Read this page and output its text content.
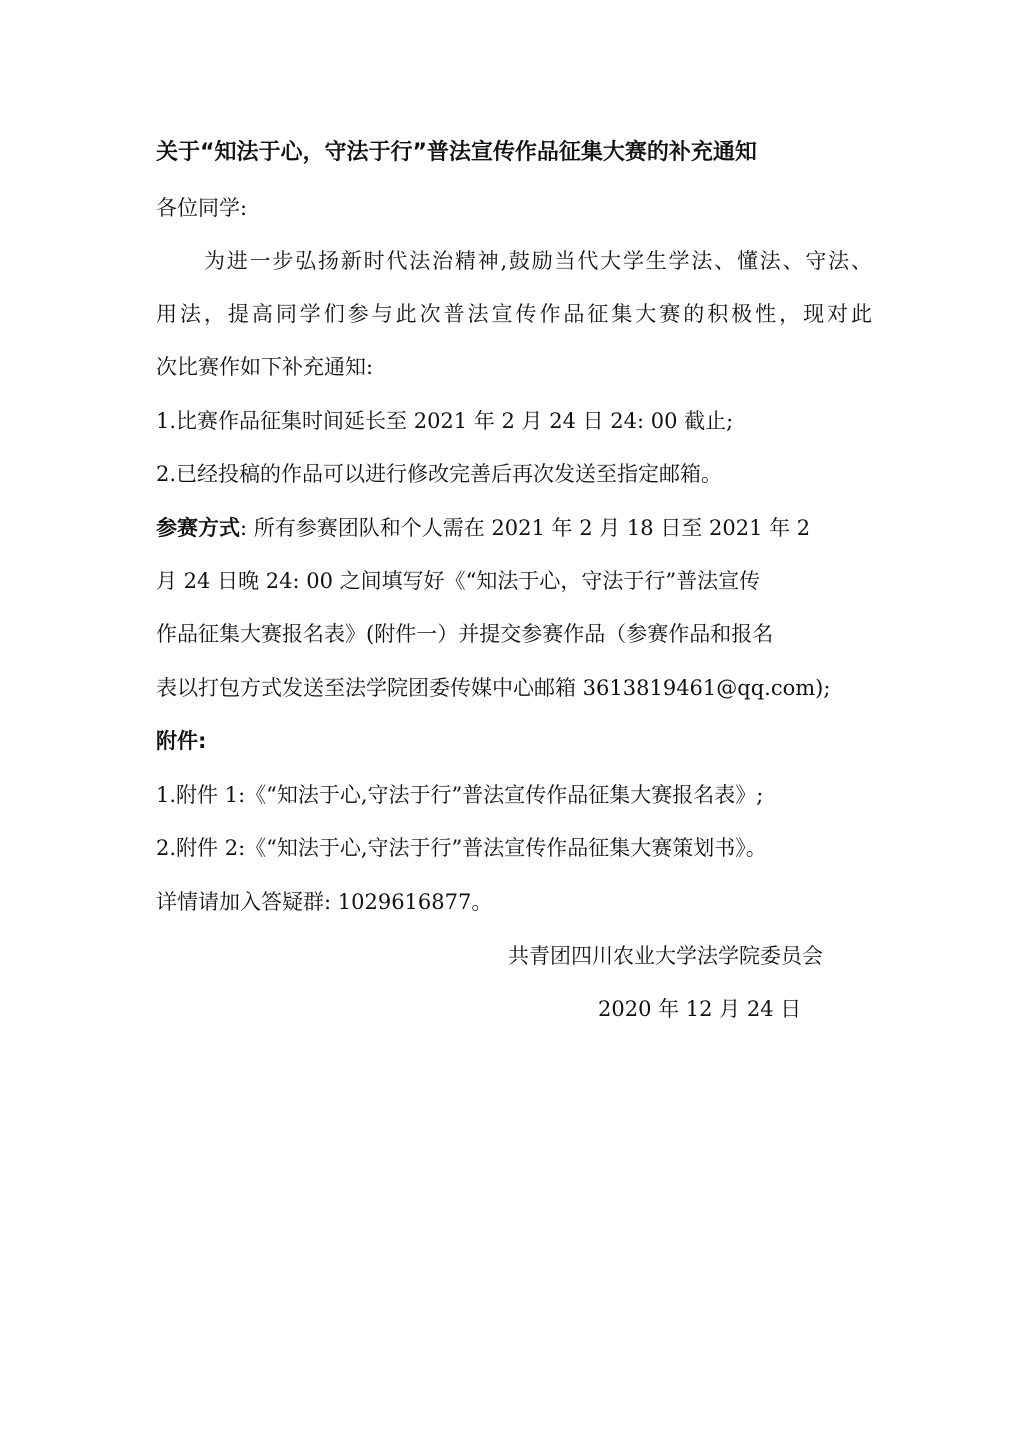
关于“知法于心，守法于行”普法宣传作品征集大赛的补充通知
各位同学:
为进一步弘扬新时代法治精神,鼓励当代大学生学法、懂法、守法、
用法，提高同学们参与此次普法宣传作品征集大赛的积极性，现对此
次比赛作如下补充通知:
1.比赛作品征集时间延长至 2021 年 2 月 24 日 24: 00 截止;
2.已经投稿的作品可以进行修改完善后再次发送至指定邮箱。
参赛方式: 所有参赛团队和个人需在 2021 年 2 月 18 日至 2021 年 2
月 24 日晚 24: 00 之间填写好《“知法于心，守法于行”普法宣传
作品征集大赛报名表》(附件一）并提交参赛作品（参赛作品和报名
表以打包方式发送至法学院团委传媒中心邮箱 3613819461@qq.com);
附件:
1.附件 1:《“知法于心,守法于行”普法宣传作品征集大赛报名表》;
2.附件 2:《“知法于心,守法于行”普法宣传作品征集大赛策划书》。
详情请加入答疑群: 1029616877。
共青团四川农业大学法学院委员会
2020 年 12 月 24 日
